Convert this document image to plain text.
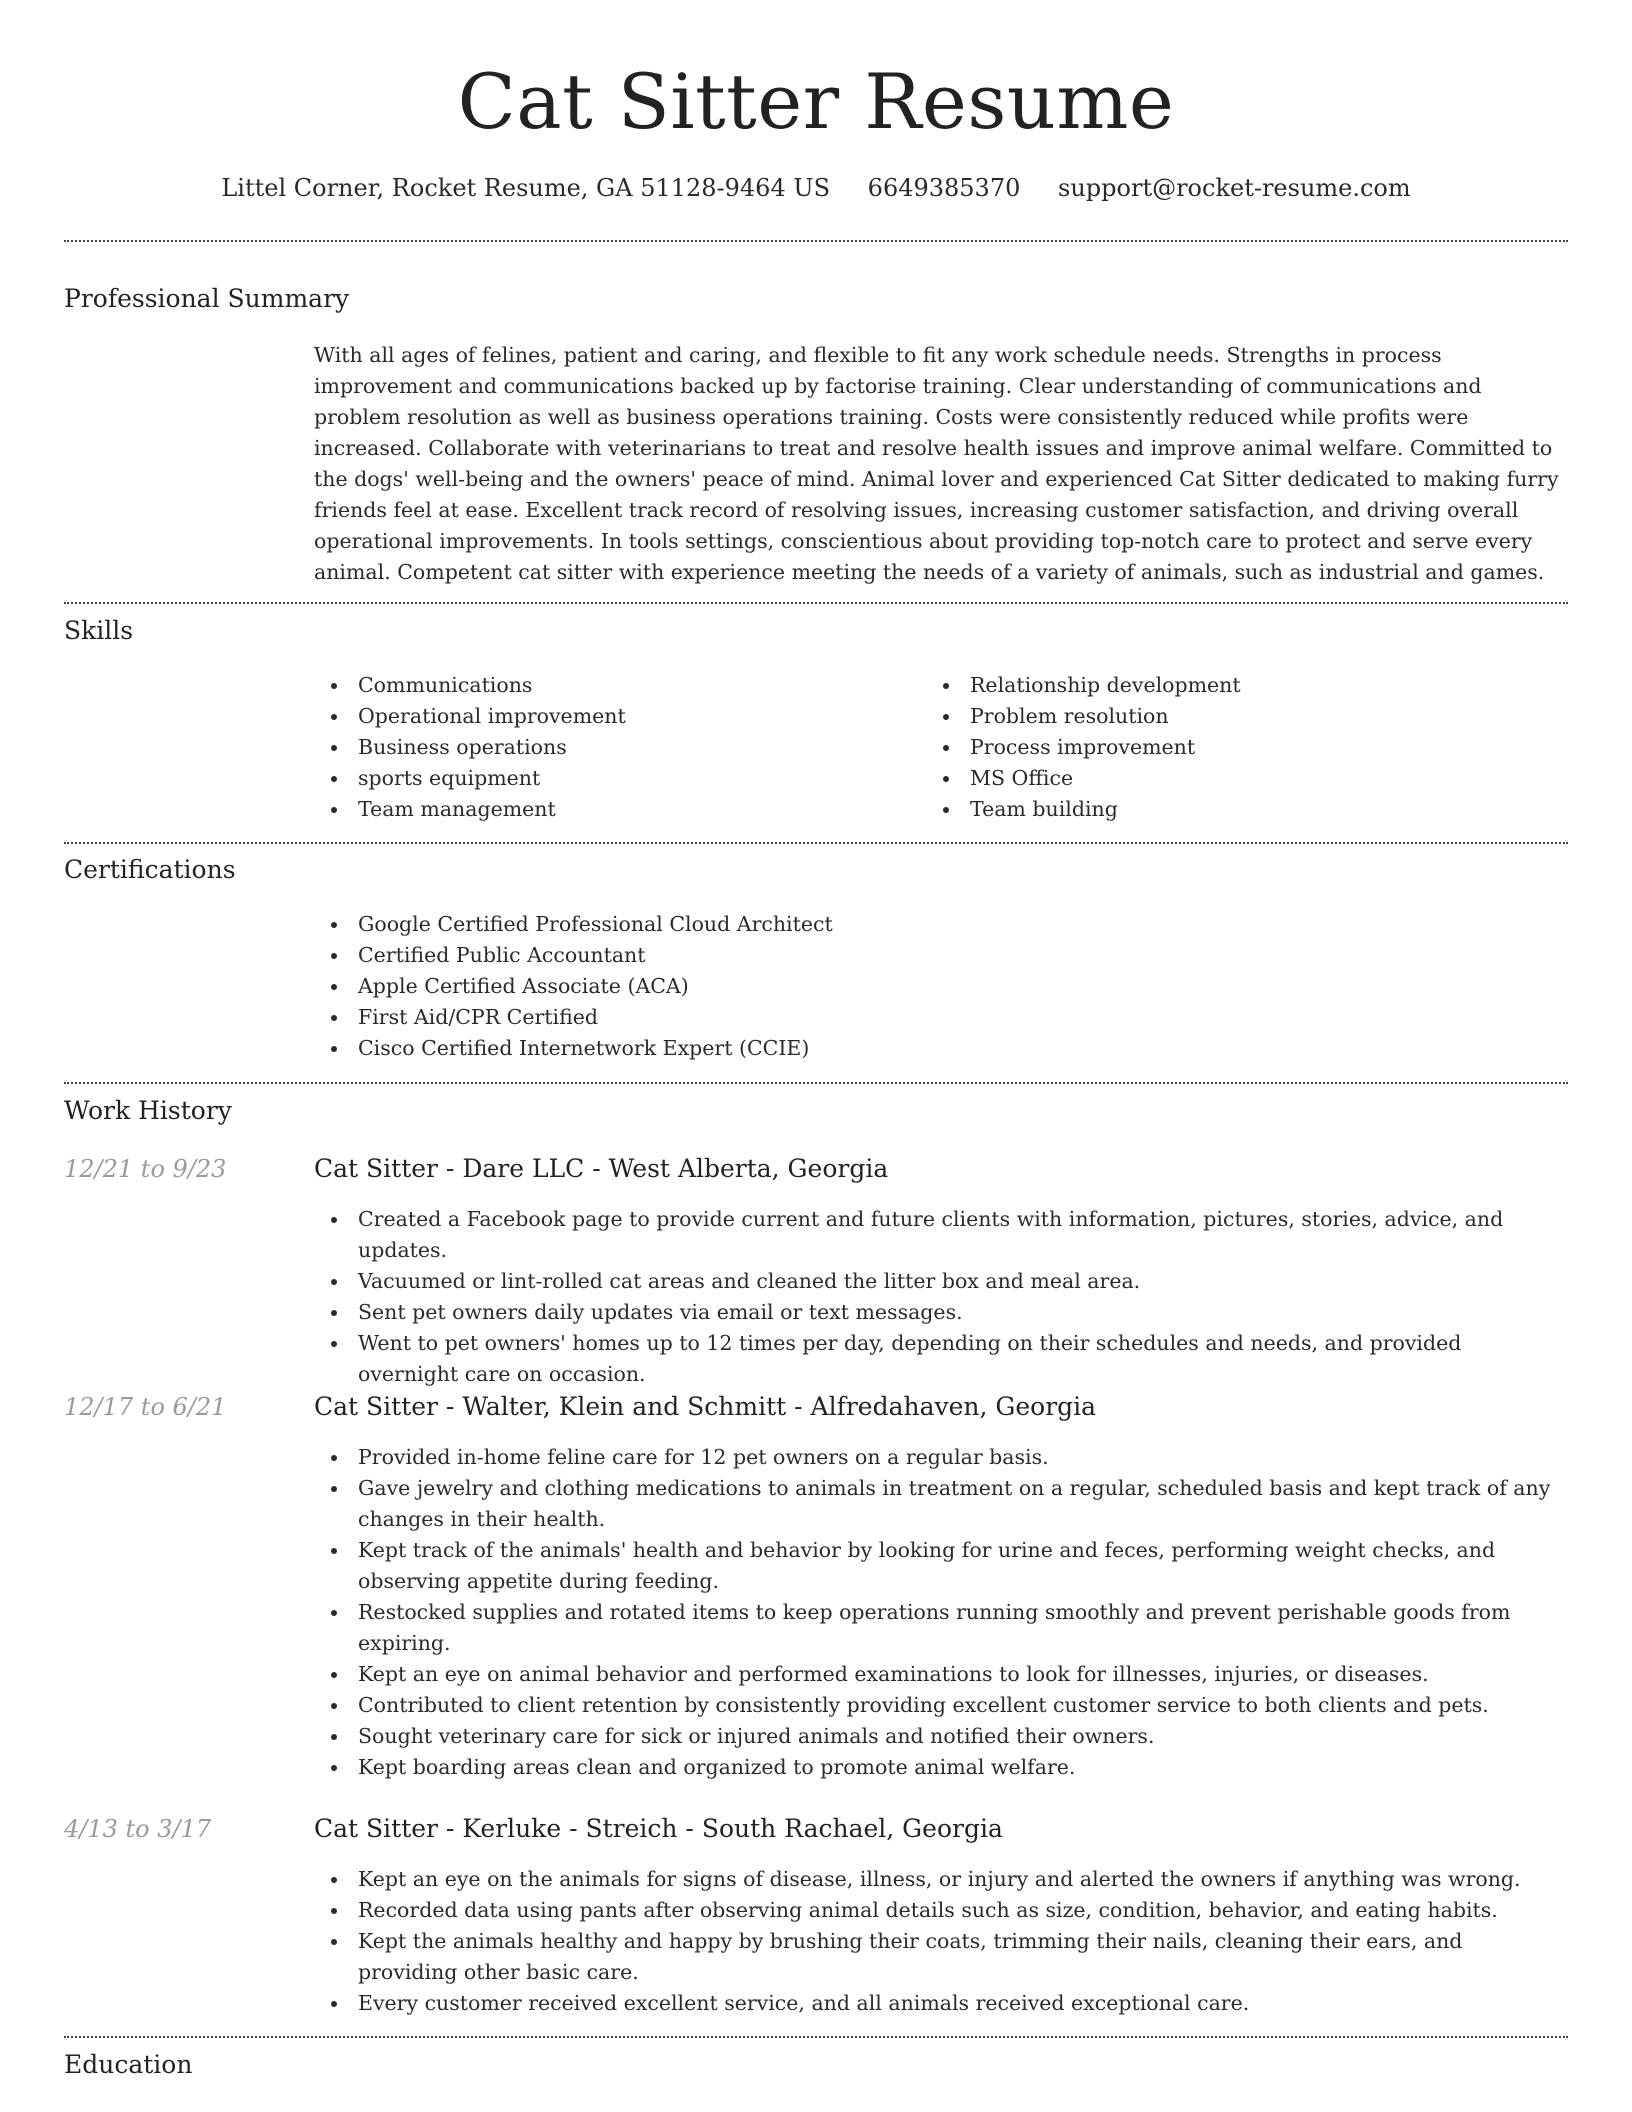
Cat Sitter Resume
Littel Corner, Rocket Resume, GA 51128-9464 US 6649385370 support@rocket-resume.com
Professional Summary

With all ages of felines, patient and caring, and flexible to fit any work schedule needs. Strengths in process improvement and communications backed up by factorise training. Clear understanding of communications and problem resolution as well as business operations training. Costs were consistently reduced while profits were increased. Collaborate with veterinarians to treat and resolve health issues and improve animal welfare. Committed to the dogs' well-being and the owners' peace of mind. Animal lover and experienced Cat Sitter dedicated to making furry friends feel at ease. Excellent track record of resolving issues, increasing customer satisfaction, and driving overall operational improvements. In tools settings, conscientious about providing top-notch care to protect and serve every animal. Competent cat sitter with experience meeting the needs of a variety of animals, such as industrial and games.

Skills
Communications
Operational improvement
Business operations
sports equipment
Team management
Relationship development
Problem resolution
Process improvement
MS Office
Team building
Certifications
Google Certified Professional Cloud Architect
Certified Public Accountant
Apple Certified Associate (ACA)
First Aid/CPR Certified
Cisco Certified Internetwork Expert (CCIE)
Work History
12/21 to 9/23	Cat Sitter - Dare LLC - West Alberta, Georgia
Created a Facebook page to provide current and future clients with information, pictures, stories, advice, and updates.
Vacuumed or lint-rolled cat areas and cleaned the litter box and meal area.
Sent pet owners daily updates via email or text messages.
Went to pet owners' homes up to 12 times per day, depending on their schedules and needs, and provided overnight care on occasion.
12/17 to 6/21	Cat Sitter - Walter, Klein and Schmitt - Alfredahaven, Georgia
Provided in-home feline care for 12 pet owners on a regular basis.
Gave jewelry and clothing medications to animals in treatment on a regular, scheduled basis and kept track of any changes in their health.
Kept track of the animals' health and behavior by looking for urine and feces, performing weight checks, and observing appetite during feeding.
Restocked supplies and rotated items to keep operations running smoothly and prevent perishable goods from expiring.
Kept an eye on animal behavior and performed examinations to look for illnesses, injuries, or diseases.
Contributed to client retention by consistently providing excellent customer service to both clients and pets.
Sought veterinary care for sick or injured animals and notified their owners.
Kept boarding areas clean and organized to promote animal welfare.
4/13 to 3/17	Cat Sitter - Kerluke - Streich - South Rachael, Georgia
Kept an eye on the animals for signs of disease, illness, or injury and alerted the owners if anything was wrong.
Recorded data using pants after observing animal details such as size, condition, behavior, and eating habits.
Kept the animals healthy and happy by brushing their coats, trimming their nails, cleaning their ears, and providing other basic care.
Every customer received excellent service, and all animals received exceptional care.
Education
